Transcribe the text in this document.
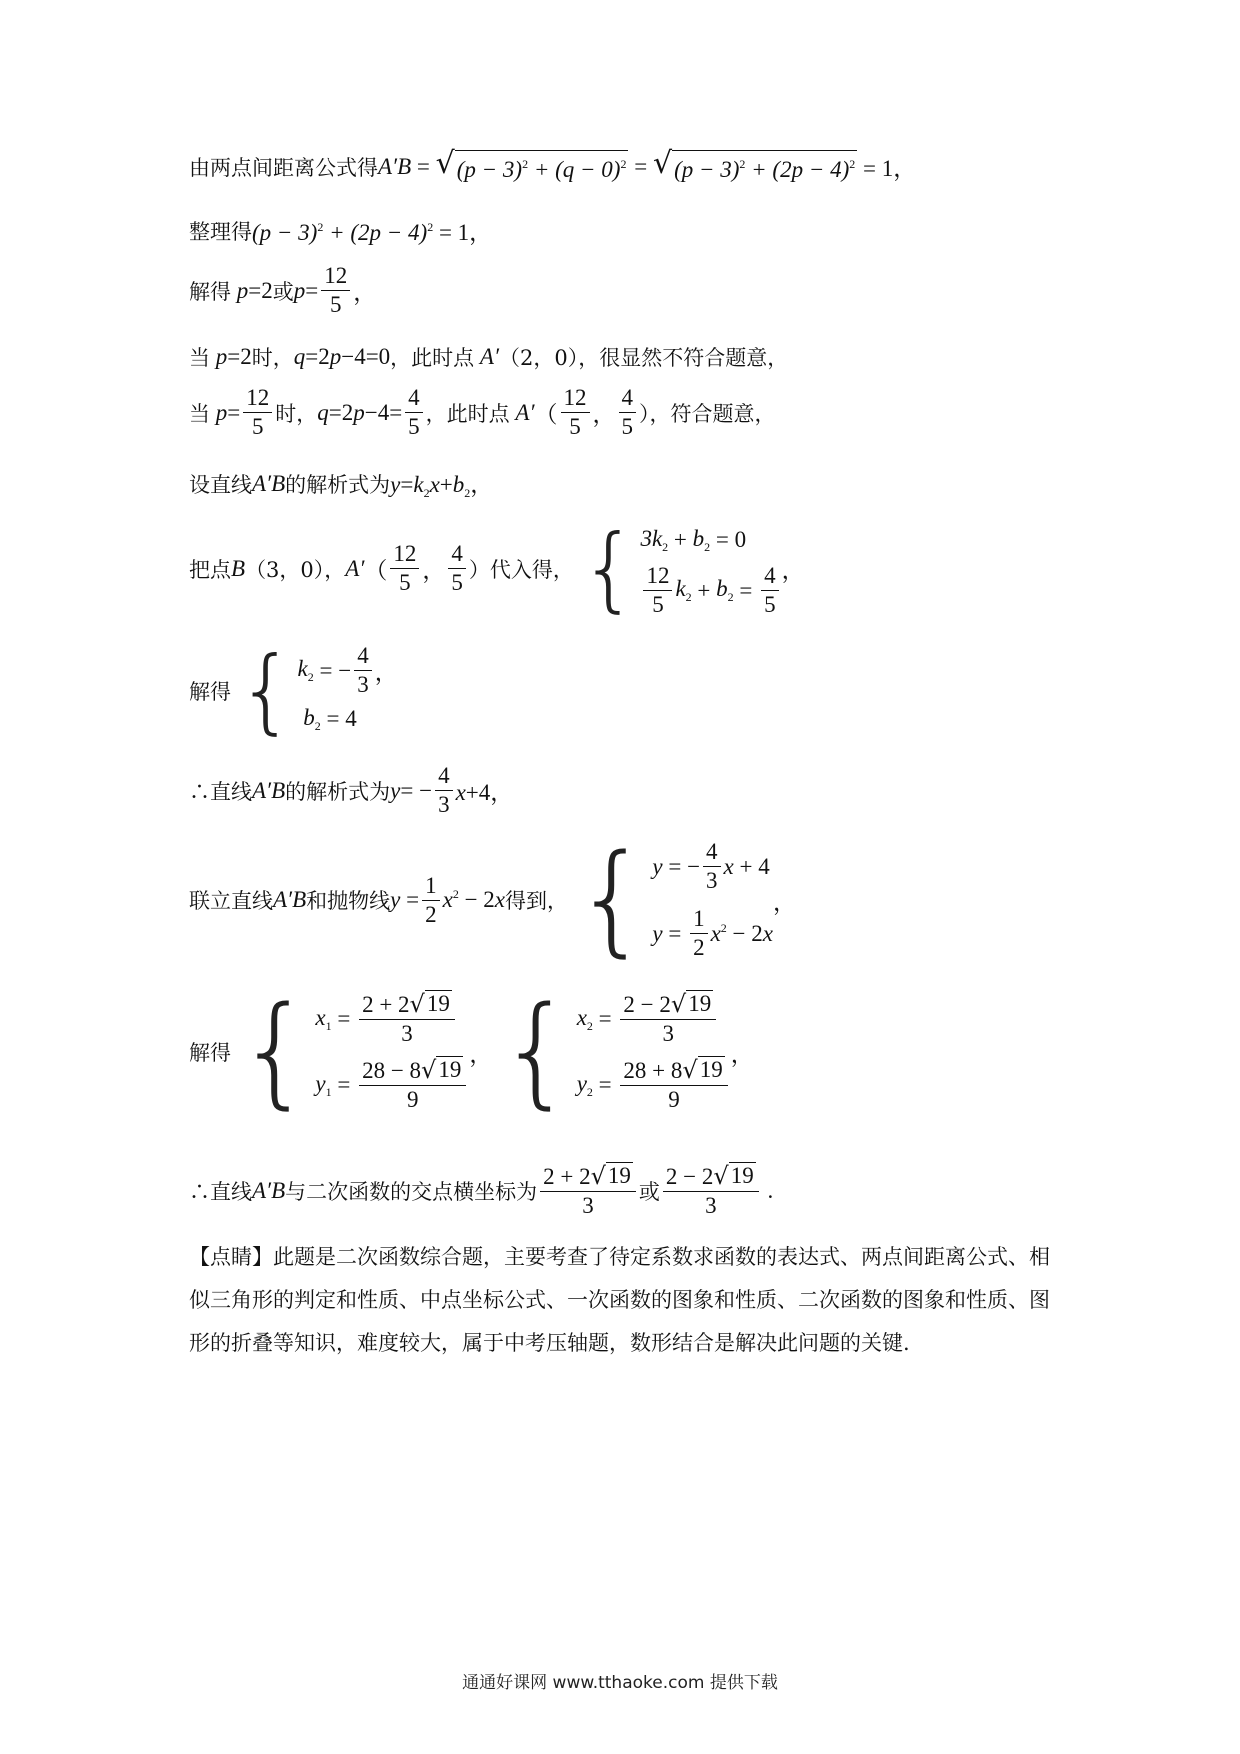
由两点间距离公式得 A′B = √ $(p - 3)^2 + (q - 0)^2$ = √ $(p - 3)^2 + (2p - 4)^2 = 1$，
整理得 $(p - 3)^2 + (2p - 4)^2 = 1$，
解得 p=2 或 $p= \frac{12}{5}$ ，
当 p=2 时， q=2p−4=0 ，此时点 A′ （2，0），很显然不符合题意，
当 $p= \frac{12}{5}$ 时， $q=2p-4= \frac{4}{5}$ ，此时点 A′ （ $\frac{12}{5}$ ， $\frac{4}{5}$ ），符合题意，
设直线 A′B 的解析式为 $y=k_2x+b_2$，
把点 B （3，0）， A′ （ $\frac{12}{5}$ ， $\frac{4}{5}$ ）代入得， { $3k_2 + b_2 = 0$
$\frac{12}{5} k_2 + b_2 = \frac{4}{5}$ ，
解得 { $k_2$ = − $\frac{4}{3}$ ，
$b_2 = 4$
∴直线 A′B 的解析式为 $y= - \frac{4}{3} x+4$，
联立直线 A′B 和抛物线 $y = \frac{1}{2} x^2 - 2x$ 得到， { y = − $\frac{4}{3}$ x + 4
$y = \frac{1}{2} x^2 - 2$ x
，
解得 { $x_1 = \frac{2 + 2 √ 19}{3}$
$y_1 = \frac{28 - 8 √ 19}{9}$
， { $x_2 = \frac{2 - 2 √ 19}{3}$
$y_2 = \frac{28 + 8 √ 19}{9}$
，
∴直线 A′B 与二次函数的交点横坐标为 $\frac{2 + 2 √ 19}{3}$ 或 $\frac{2 - 2 √ 19}{3}$ .
【点睛】此题是二次函数综合题，主要考查了待定系数求函数的表达式、两点间距离公式、相似三角形的判定和性质、中点坐标公式、一次函数的图象和性质、二次函数的图象和性质、图形的折叠等知识，难度较大，属于中考压轴题，数形结合是解决此问题的关键.
通通好课网 www.tthaoke.com 提供下载
